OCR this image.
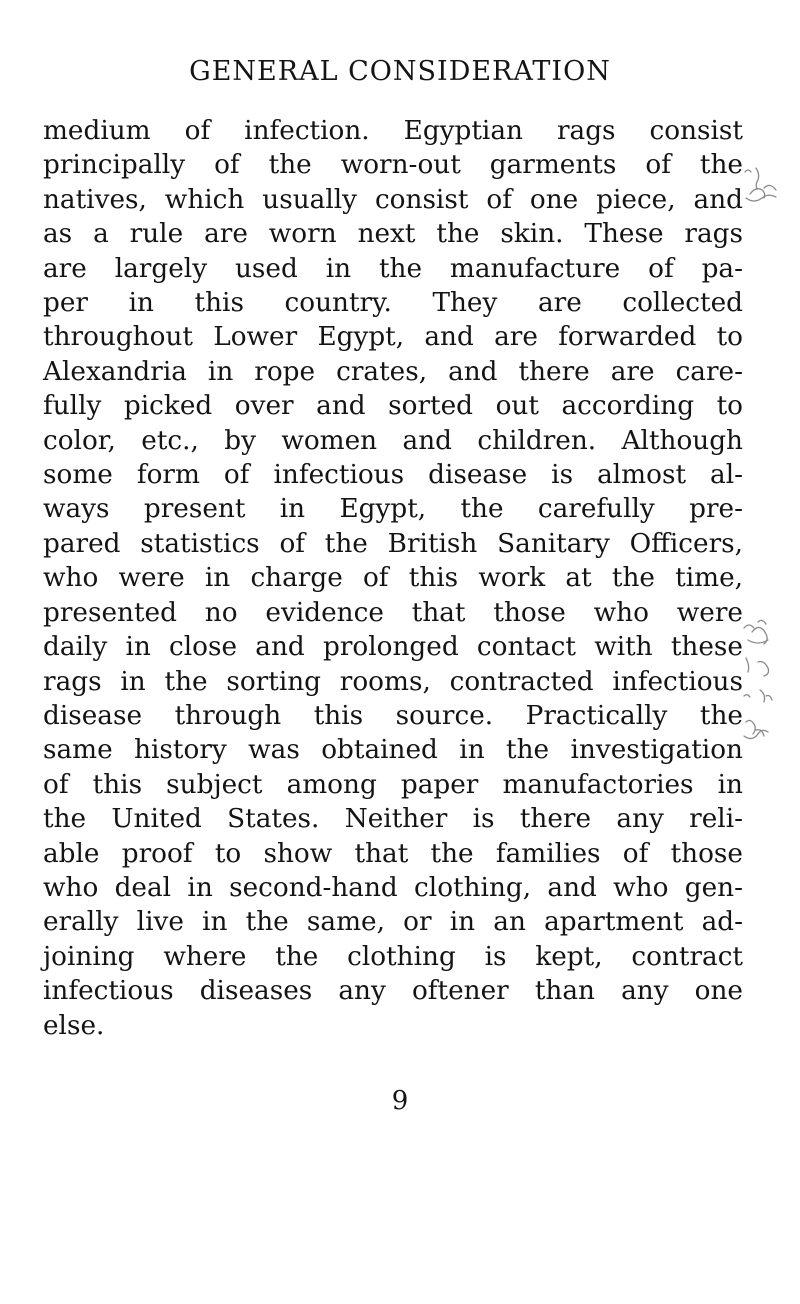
GENERAL CONSIDERATION
medium of infection. Egyptian rags consist
principally of the worn-out garments of the
natives, which usually consist of one piece, and
as a rule are worn next the skin. These rags
are largely used in the manufacture of pa-
per in this country. They are collected
throughout Lower Egypt, and are forwarded to
Alexandria in rope crates, and there are care-
fully picked over and sorted out according to
color, etc., by women and children. Although
some form of infectious disease is almost al-
ways present in Egypt, the carefully pre-
pared statistics of the British Sanitary Officers,
who were in charge of this work at the time,
presented no evidence that those who were
daily in close and prolonged contact with these
rags in the sorting rooms, contracted infectious
disease through this source. Practically the
same history was obtained in the investigation
of this subject among paper manufactories in
the United States. Neither is there any reli-
able proof to show that the families of those
who deal in second-hand clothing, and who gen-
erally live in the same, or in an apartment ad-
joining where the clothing is kept, contract
infectious diseases any oftener than any one
else.
9
